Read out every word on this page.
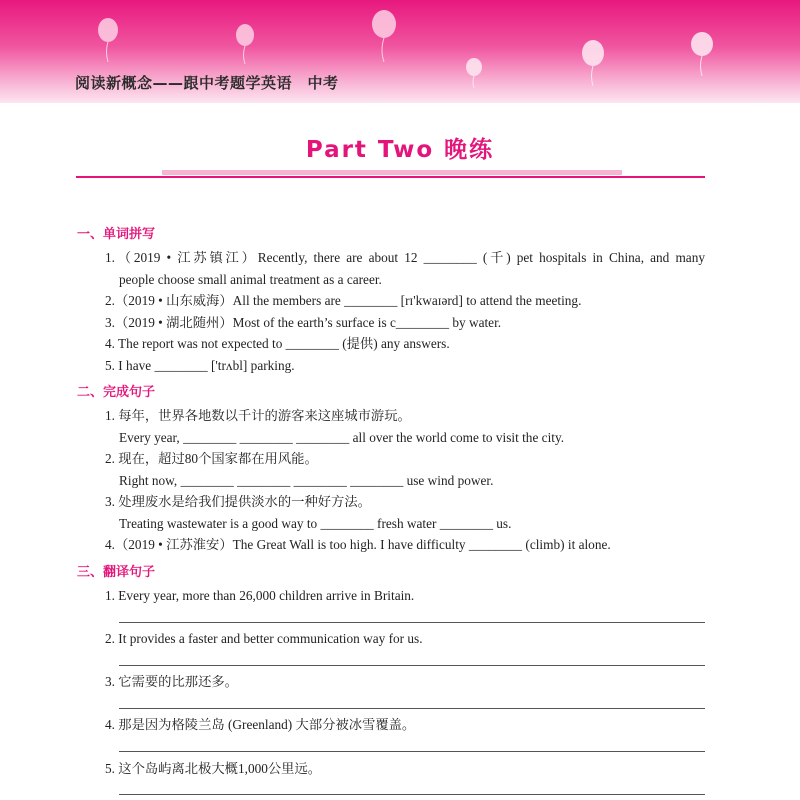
阅读新概念——跟中考题学英语　中考
Part Two 晚练
一、单词拼写
1.（2019 • 江苏镇江）Recently, there are about 12 ________ (千) pet hospitals in China, and many
people choose small animal treatment as a career.
2.（2019 • 山东威海）All the members are ________ [rɪ'kwaɪərd] to attend the meeting.
3.（2019 • 湖北随州）Most of the earth’s surface is c________ by water.
4. The report was not expected to ________ (提供) any answers.
5. I have ________ ['trʌbl] parking.
二、完成句子
1. 每年，世界各地数以千计的游客来这座城市游玩。
Every year, ________ ________ ________ all over the world come to visit the city.
2. 现在，超过80个国家都在用风能。
Right now, ________ ________ ________ ________ use wind power.
3. 处理废水是给我们提供淡水的一种好方法。
Treating wastewater is a good way to ________ fresh water ________ us.
4.（2019 • 江苏淮安）The Great Wall is too high. I have difficulty ________ (climb) it alone.
三、翻译句子
1. Every year, more than 26,000 children arrive in Britain.
2. It provides a faster and better communication way for us.
3. 它需要的比那还多。
4. 那是因为格陵兰岛 (Greenland) 大部分被冰雪覆盖。
5. 这个岛屿离北极大概1,000公里远。
